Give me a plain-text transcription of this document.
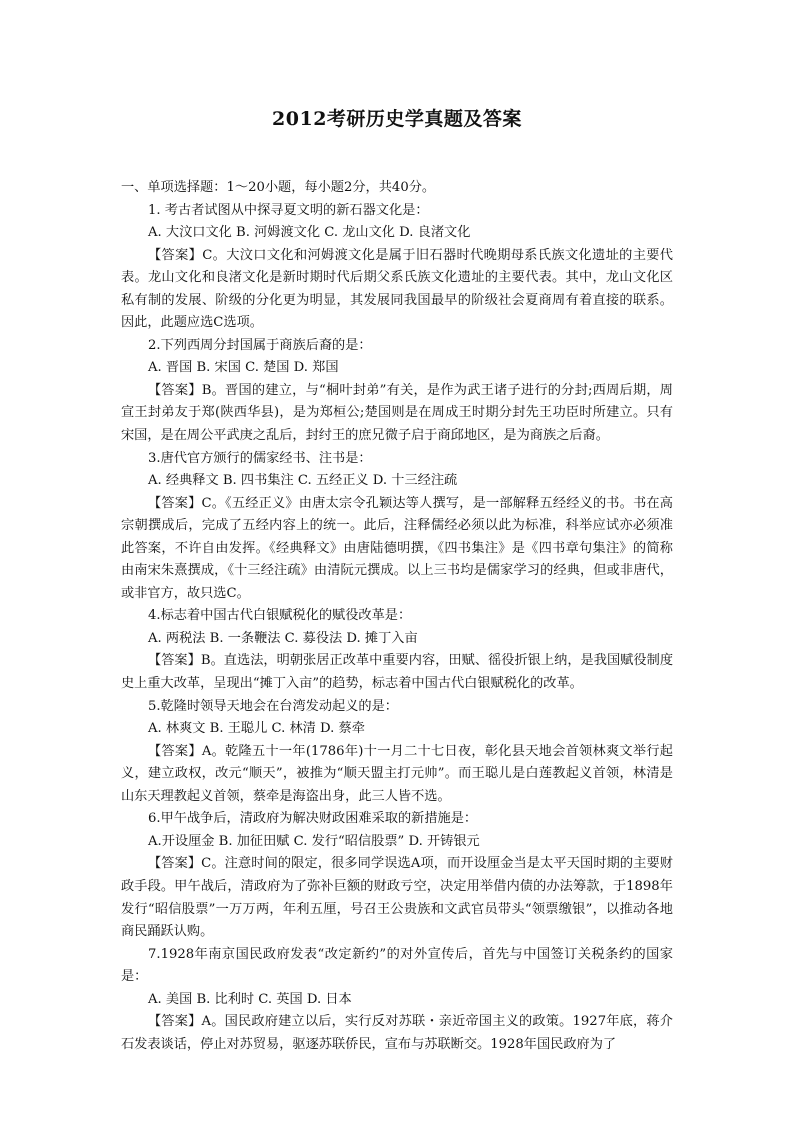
2012考研历史学真题及答案
一、单项选择题：1～20小题，每小题2分，共40分。
1. 考古者试图从中探寻夏文明的新石器文化是：
A. 大汶口文化 B. 河姆渡文化 C. 龙山文化 D. 良渚文化

【答案】C。大汶口文化和河姆渡文化是属于旧石器时代晚期母系氏族文化遗址的主要代表。龙山文化和良渚文化是新时期时代后期父系氏族文化遗址的主要代表。其中，龙山文化区私有制的发展、阶级的分化更为明显，其发展同我国最早的阶级社会夏商周有着直接的联系。因此，此题应选C选项。

2.下列西周分封国属于商族后裔的是：
A. 晋国 B. 宋国 C. 楚国 D. 郑国

【答案】B。晋国的建立，与“桐叶封弟”有关，是作为武王诸子进行的分封;西周后期，周宣王封弟友于郑(陕西华县)，是为郑桓公;楚国则是在周成王时期分封先王功臣时所建立。只有宋国，是在周公平武庚之乱后，封纣王的庶兄微子启于商邱地区，是为商族之后裔。

3.唐代官方颁行的儒家经书、注书是：
A. 经典释文 B. 四书集注 C. 五经正义 D. 十三经注疏

【答案】C。《五经正义》由唐太宗令孔颖达等人撰写，是一部解释五经经义的书。书在高宗朝撰成后，完成了五经内容上的统一。此后，注释儒经必须以此为标准，科举应试亦必须准此答案，不许自由发挥。《经典释文》由唐陆德明撰，《四书集注》是《四书章句集注》的简称由南宋朱熹撰成，《十三经注疏》由清阮元撰成。以上三书均是儒家学习的经典，但或非唐代，或非官方，故只选C。

4.标志着中国古代白银赋税化的赋役改革是：
A. 两税法 B. 一条鞭法 C. 募役法 D. 摊丁入亩

【答案】B。直选法，明朝张居正改革中重要内容，田赋、徭役折银上纳，是我国赋役制度史上重大改革，呈现出“摊丁入亩”的趋势，标志着中国古代白银赋税化的改革。

5.乾隆时领导天地会在台湾发动起义的是：
A. 林爽文 B. 王聪儿 C. 林清 D. 蔡牵

【答案】A。乾隆五十一年(1786年)十一月二十七日夜，彰化县天地会首领林爽文举行起义，建立政权，改元“顺天”，被推为“顺天盟主打元帅”。而王聪儿是白莲教起义首领，林清是山东天理教起义首领，蔡牵是海盗出身，此三人皆不选。

6.甲午战争后，清政府为解决财政困难采取的新措施是：
A.开设厘金 B. 加征田赋 C. 发行“昭信股票” D. 开铸银元

【答案】C。注意时间的限定，很多同学误选A项，而开设厘金当是太平天国时期的主要财政手段。甲午战后，清政府为了弥补巨额的财政亏空，决定用举借内债的办法筹款，于1898年发行“昭信股票”一万万两，年利五厘，号召王公贵族和文武官员带头“领票缴银”，以推动各地商民踊跃认购。

7.1928年南京国民政府发表“改定新约”的对外宣传后，首先与中国签订关税条约的国家是：

A. 美国 B. 比利时 C. 英国 D. 日本

【答案】A。国民政府建立以后，实行反对苏联・亲近帝国主义的政策。1927年底，蒋介石发表谈话，停止对苏贸易，驱逐苏联侨民，宣布与苏联断交。1928年国民政府为了
